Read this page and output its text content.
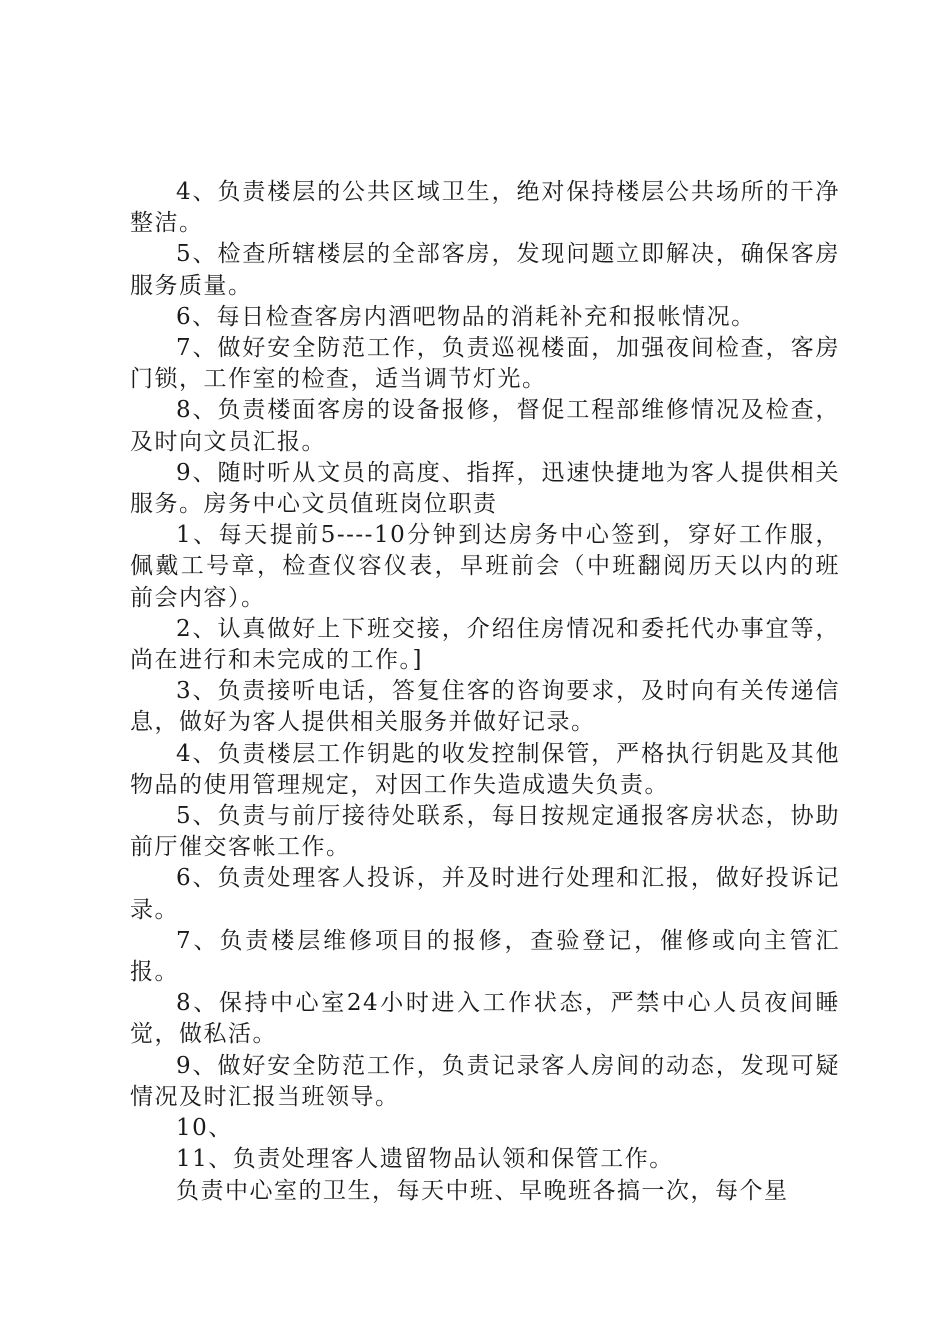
4、负责楼层的公共区域卫生，绝对保持楼层公共场所的干净整洁。

5、检查所辖楼层的全部客房，发现问题立即解决，确保客房服务质量。

6、每日检查客房内酒吧物品的消耗补充和报帐情况。

7、做好安全防范工作，负责巡视楼面，加强夜间检查，客房门锁，工作室的检查，适当调节灯光。

8、负责楼面客房的设备报修，督促工程部维修情况及检查，及时向文员汇报。

9、随时听从文员的高度、指挥，迅速快捷地为客人提供相关服务。房务中心文员值班岗位职责

1、每天提前5----10分钟到达房务中心签到，穿好工作服，佩戴工号章，检查仪容仪表，早班前会（中班翻阅历天以内的班前会内容）。

2、认真做好上下班交接，介绍住房情况和委托代办事宜等，尚在进行和未完成的工作。]

3、负责接听电话，答复住客的咨询要求，及时向有关传递信息，做好为客人提供相关服务并做好记录。

4、负责楼层工作钥匙的收发控制保管，严格执行钥匙及其他物品的使用管理规定，对因工作失造成遗失负责。

5、负责与前厅接待处联系，每日按规定通报客房状态，协助前厅催交客帐工作。

6、负责处理客人投诉，并及时进行处理和汇报，做好投诉记录。

7、负责楼层维修项目的报修，查验登记，催修或向主管汇报。

8、保持中心室24小时进入工作状态，严禁中心人员夜间睡觉，做私活。

9、做好安全防范工作，负责记录客人房间的动态，发现可疑情况及时汇报当班领导。

10、

11、负责处理客人遗留物品认领和保管工作。

负责中心室的卫生，每天中班、早晚班各搞一次，每个星
